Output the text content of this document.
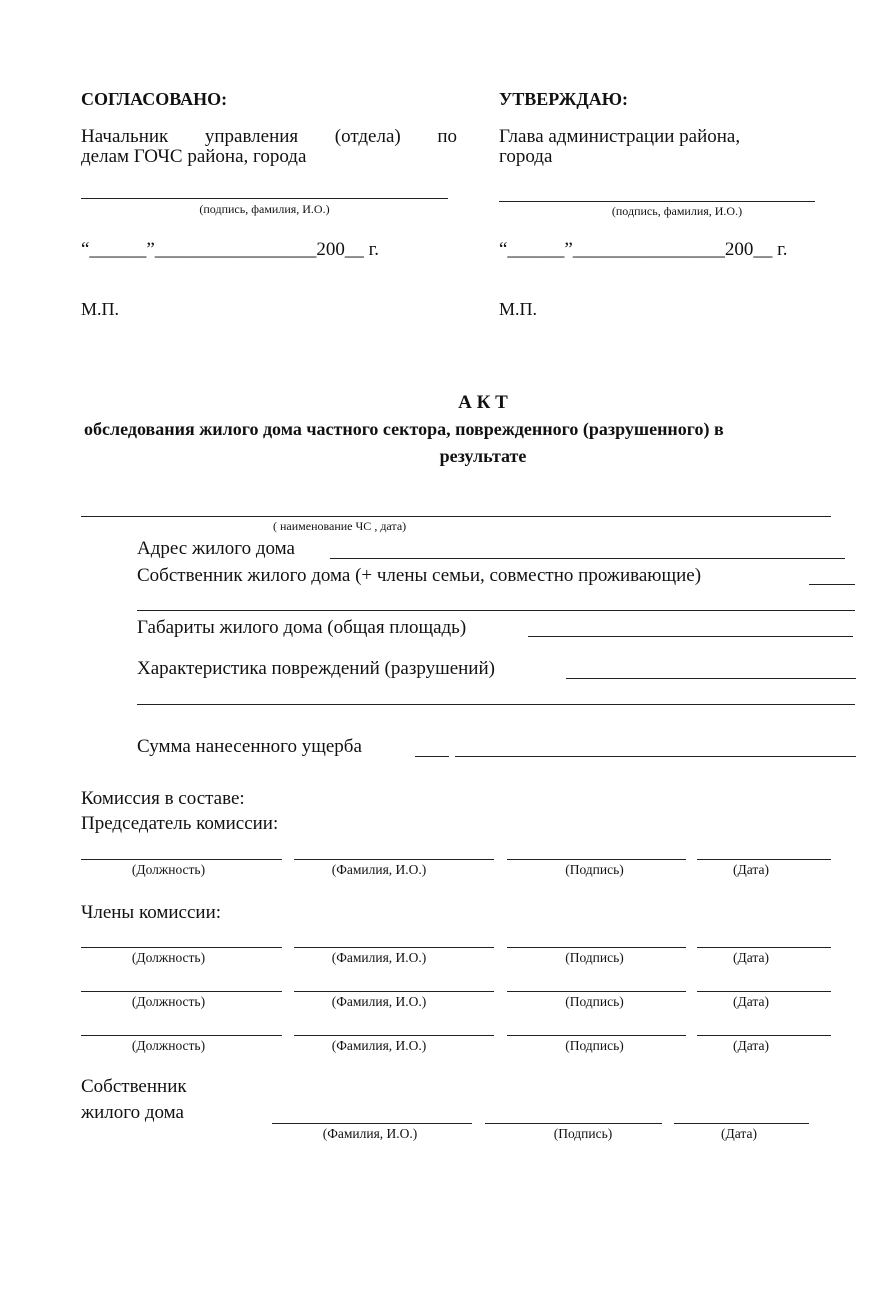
СОГЛАСОВАНО:
Начальник управления (отдела) по
делам ГОЧС района, города
(подпись, фамилия, И.О.)
“______”_________________200__ г.
М.П.
УТВЕРЖДАЮ:
Глава администрации района,
города
(подпись, фамилия, И.О.)
“______”________________200__ г.
М.П.
А К Т
обследования жилого дома частного сектора, поврежденного (разрушенного) в
результате
( наименование ЧС , дата)
Адрес жилого дома
Собственник жилого дома (+ члены семьи, совместно проживающие)
Габариты жилого дома (общая площадь)
Характеристика повреждений (разрушений)
Сумма нанесенного ущерба
Комиссия в составе:
Председатель комиссии:
(Должность)	(Фамилия, И.О.)	(Подпись)	(Дата)
Члены комиссии:
(Должность)	(Фамилия, И.О.)	(Подпись)	(Дата)
(Должность)	(Фамилия, И.О.)	(Подпись)	(Дата)
(Должность)	(Фамилия, И.О.)	(Подпись)	(Дата)
Собственник
жилого дома
(Фамилия, И.О.)	(Подпись)	(Дата)
